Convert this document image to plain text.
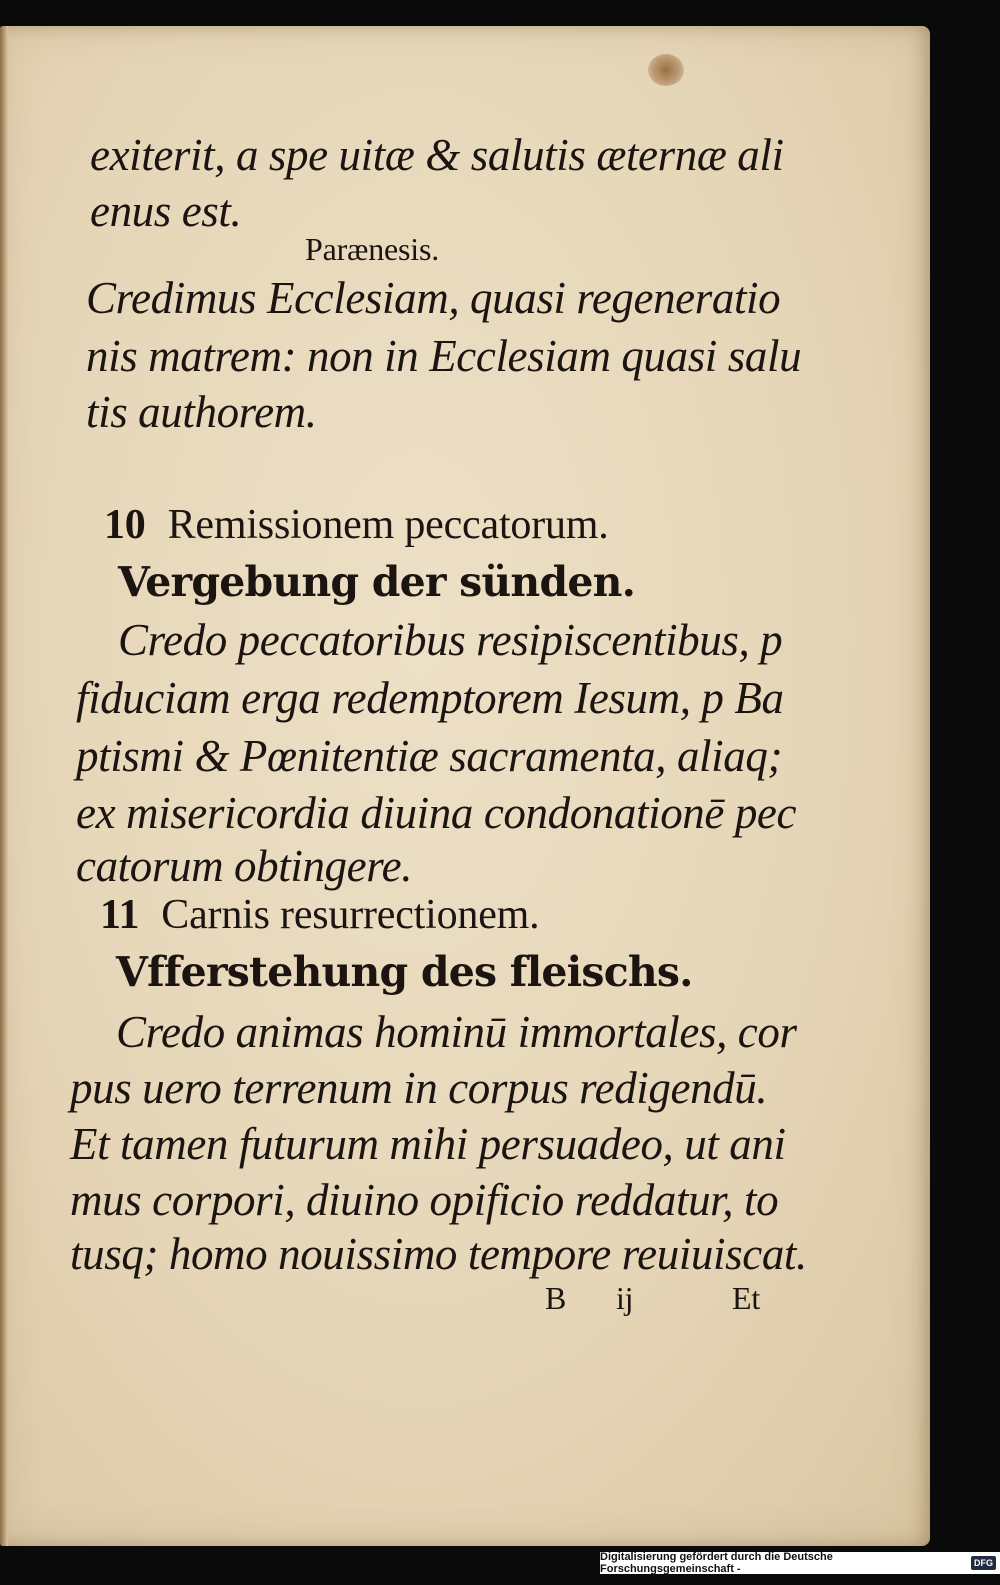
exiterit, a spe uitæ & salutis æternæ ali
enus est.
Parænesis.
Credimus Ecclesiam, quasi regeneratio
nis matrem: non in Ecclesiam quasi salu
tis authorem.
10 Remissionem peccatorum.
Vergebung der sünden.
Credo peccatoribus resipiscentibus, p
fiduciam erga redemptorem Iesum, p Ba
ptismi & Pœnitentiæ sacramenta, aliaq;
ex misericordia diuina condonationē pec
catorum obtingere.
11 Carnis resurrectionem.
Vfferstehung des fleischs.
Credo animas hominū immortales, cor
pus uero terrenum in corpus redigendū.
Et tamen futurum mihi persuadeo, ut ani
mus corpori, diuino opificio reddatur, to
tusq; homo nouissimo tempore reuiuiscat.
B ij	Et
Digitalisierung gefördert durch die Deutsche Forschungsgemeinschaft -	DFG
